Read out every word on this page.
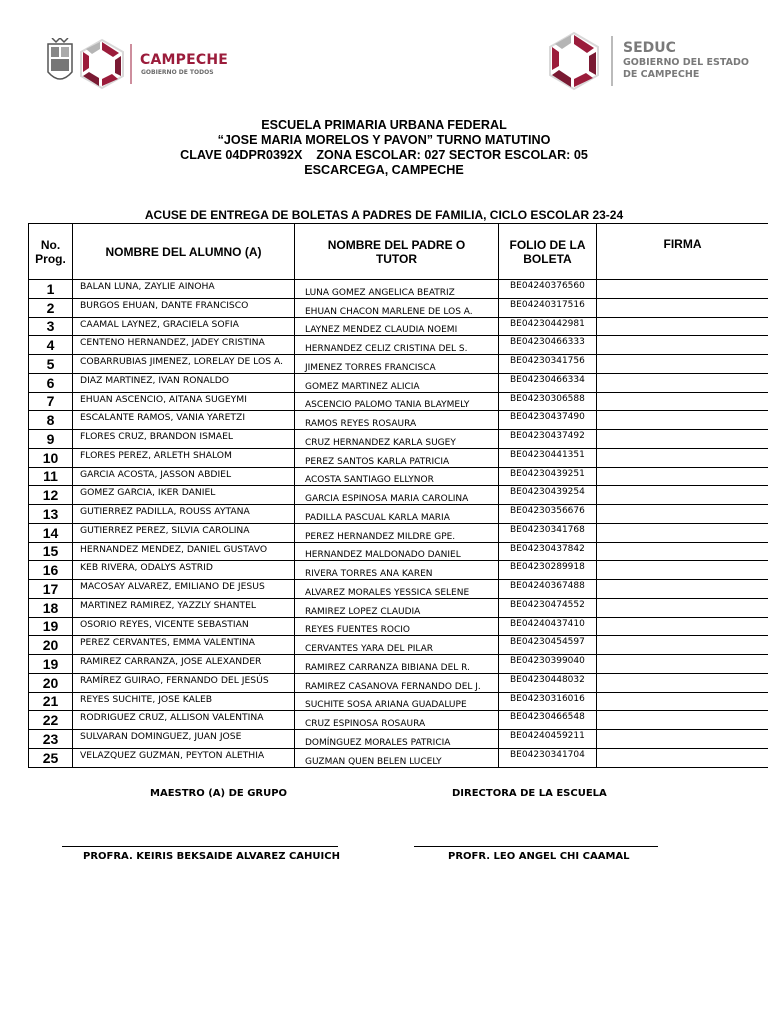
CAMPECHE
GOBIERNO DE TODOS
SEDUC
GOBIERNO DEL ESTADO
DE CAMPECHE
ESCUELA PRIMARIA URBANA FEDERAL
“JOSE MARIA MORELOS Y PAVON” TURNO MATUTINO
CLAVE 04DPR0392X    ZONA ESCOLAR: 027 SECTOR ESCOLAR: 05
ESCARCEGA, CAMPECHE
ACUSE DE ENTREGA DE BOLETAS A PADRES DE FAMILIA, CICLO ESCOLAR 23-24
No. Prog.	NOMBRE DEL ALUMNO (A)	NOMBRE DEL PADRE O TUTOR	FOLIO DE LA BOLETA	FIRMA
1	BALAN LUNA, ZAYLIE AINOHA	LUNA GOMEZ ANGELICA BEATRIZ	BE04240376560	
2	BURGOS EHUAN, DANTE FRANCISCO	EHUAN CHACON MARLENE DE LOS A.	BE04240317516	
3	CAAMAL LAYNEZ, GRACIELA SOFIA	LAYNEZ MENDEZ CLAUDIA NOEMI	BE04230442981	
4	CENTENO HERNANDEZ, JADEY CRISTINA	HERNANDEZ CELIZ CRISTINA DEL S.	BE04230466333	
5	COBARRUBIAS JIMENEZ, LORELAY DE LOS A.	JIMENEZ TORRES FRANCISCA	BE04230341756	
6	DIAZ MARTINEZ, IVAN RONALDO	GOMEZ MARTINEZ ALICIA	BE04230466334	
7	EHUAN ASCENCIO, AITANA SUGEYMI	ASCENCIO PALOMO TANIA BLAYMELY	BE04230306588	
8	ESCALANTE RAMOS, VANIA YARETZI	RAMOS REYES ROSAURA	BE04230437490	
9	FLORES CRUZ, BRANDON ISMAEL	CRUZ HERNANDEZ KARLA SUGEY	BE04230437492	
10	FLORES PEREZ, ARLETH SHALOM	PEREZ SANTOS KARLA PATRICIA	BE04230441351	
11	GARCIA ACOSTA, JASSON ABDIEL	ACOSTA SANTIAGO ELLYNOR	BE04230439251	
12	GOMEZ GARCIA, IKER DANIEL	GARCIA ESPINOSA MARIA CAROLINA	BE04230439254	
13	GUTIERREZ PADILLA, ROUSS AYTANA	PADILLA PASCUAL KARLA MARIA	BE04230356676	
14	GUTIERREZ PEREZ, SILVIA CAROLINA	PEREZ HERNANDEZ MILDRE GPE.	BE04230341768	
15	HERNANDEZ MENDEZ, DANIEL GUSTAVO	HERNANDEZ MALDONADO DANIEL	BE04230437842	
16	KEB RIVERA, ODALYS ASTRID	RIVERA TORRES ANA KAREN	BE04230289918	
17	MACOSAY ALVAREZ, EMILIANO DE JESUS	ALVAREZ MORALES YESSICA SELENE	BE04240367488	
18	MARTINEZ RAMIREZ, YAZZLY SHANTEL	RAMIREZ LOPEZ CLAUDIA	BE04230474552	
19	OSORIO REYES, VICENTE SEBASTIAN	REYES FUENTES ROCIO	BE04240437410	
20	PEREZ CERVANTES, EMMA VALENTINA	CERVANTES YARA DEL PILAR	BE04230454597	
19	RAMIREZ CARRANZA, JOSE ALEXANDER	RAMIREZ CARRANZA BIBIANA DEL R.	BE04230399040	
20	RAMÍREZ GUIRAO, FERNANDO DEL JESÚS	RAMIREZ CASANOVA FERNANDO DEL J.	BE04230448032	
21	REYES SUCHITE, JOSE KALEB	SUCHITE SOSA ARIANA GUADALUPE	BE04230316016	
22	RODRIGUEZ CRUZ, ALLISON VALENTINA	CRUZ ESPINOSA ROSAURA	BE04230466548	
23	SULVARAN DOMINGUEZ, JUAN JOSE	DOMÍNGUEZ MORALES PATRICIA	BE04240459211	
25	VELAZQUEZ GUZMAN, PEYTON ALETHIA	GUZMAN QUEN BELEN LUCELY	BE04230341704	
MAESTRO (A) DE GRUPO	DIRECTORA DE LA ESCUELA
PROFRA. KEIRIS BEKSAIDE ALVAREZ CAHUICH	PROFR. LEO ANGEL CHI CAAMAL
